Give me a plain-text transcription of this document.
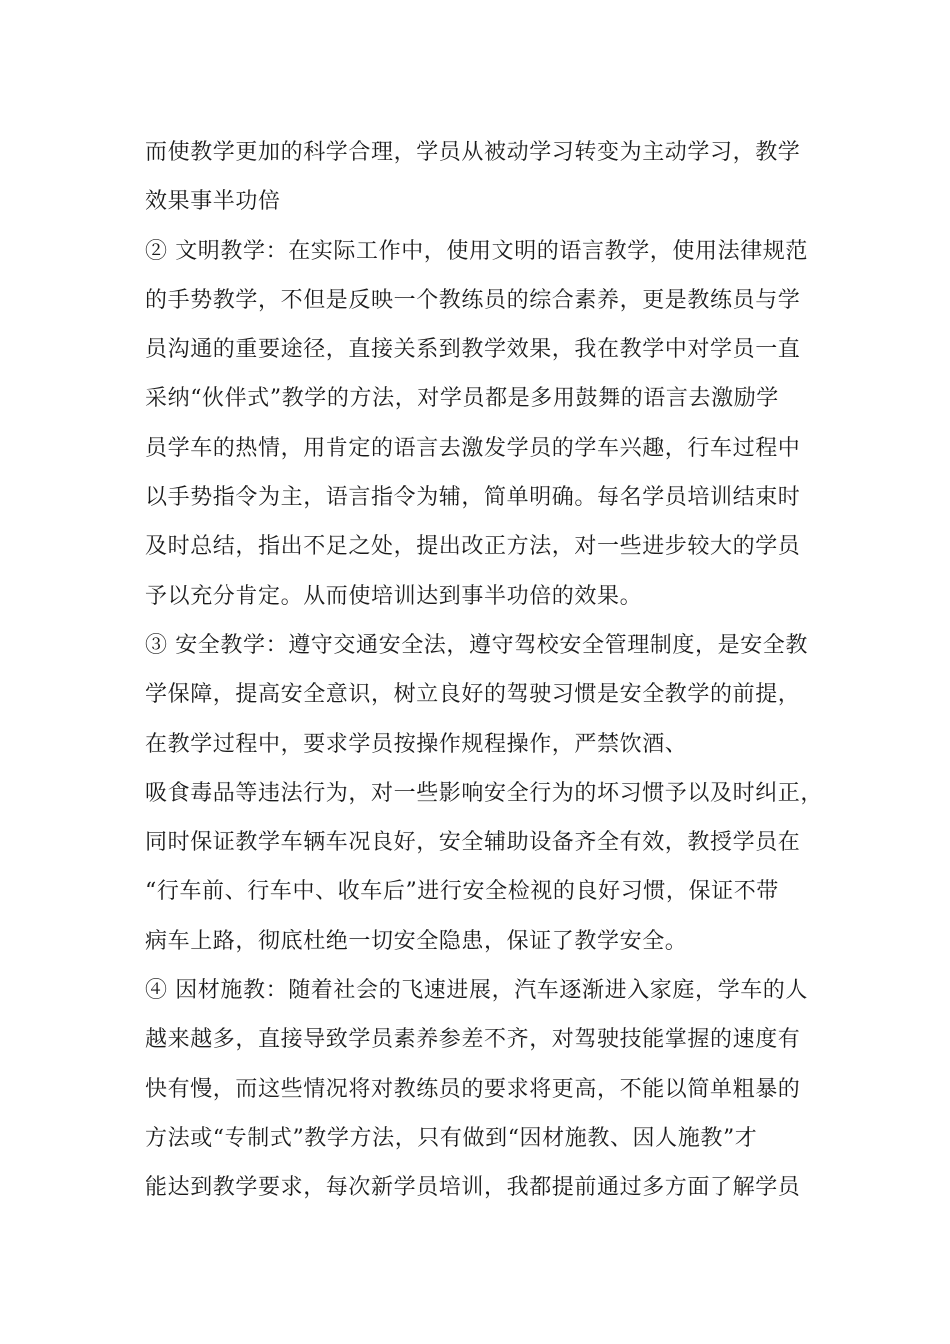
而使教学更加的科学合理，学员从被动学习转变为主动学习，教学
效果事半功倍
② 文明教学：在实际工作中，使用文明的语言教学，使用法律规范
的手势教学，不但是反映一个教练员的综合素养，更是教练员与学
员沟通的重要途径，直接关系到教学效果，我在教学中对学员一直
采纳“伙伴式”教学的方法，对学员都是多用鼓舞的语言去激励学
员学车的热情，用肯定的语言去激发学员的学车兴趣，行车过程中
以手势指令为主，语言指令为辅，简单明确。每名学员培训结束时
及时总结，指出不足之处，提出改正方法，对一些进步较大的学员
予以充分肯定。从而使培训达到事半功倍的效果。
③ 安全教学：遵守交通安全法，遵守驾校安全管理制度，是安全教
学保障，提高安全意识，树立良好的驾驶习惯是安全教学的前提，
在教学过程中，要求学员按操作规程操作，严禁饮酒、
吸食毒品等违法行为，对一些影响安全行为的坏习惯予以及时纠正，
同时保证教学车辆车况良好，安全辅助设备齐全有效，教授学员在
“行车前、行车中、收车后”进行安全检视的良好习惯，保证不带
病车上路，彻底杜绝一切安全隐患，保证了教学安全。
④ 因材施教：随着社会的飞速进展，汽车逐渐进入家庭，学车的人
越来越多，直接导致学员素养参差不齐，对驾驶技能掌握的速度有
快有慢，而这些情况将对教练员的要求将更高，不能以简单粗暴的
方法或“专制式”教学方法，只有做到“因材施教、因人施教”才
能达到教学要求，每次新学员培训，我都提前通过多方面了解学员
